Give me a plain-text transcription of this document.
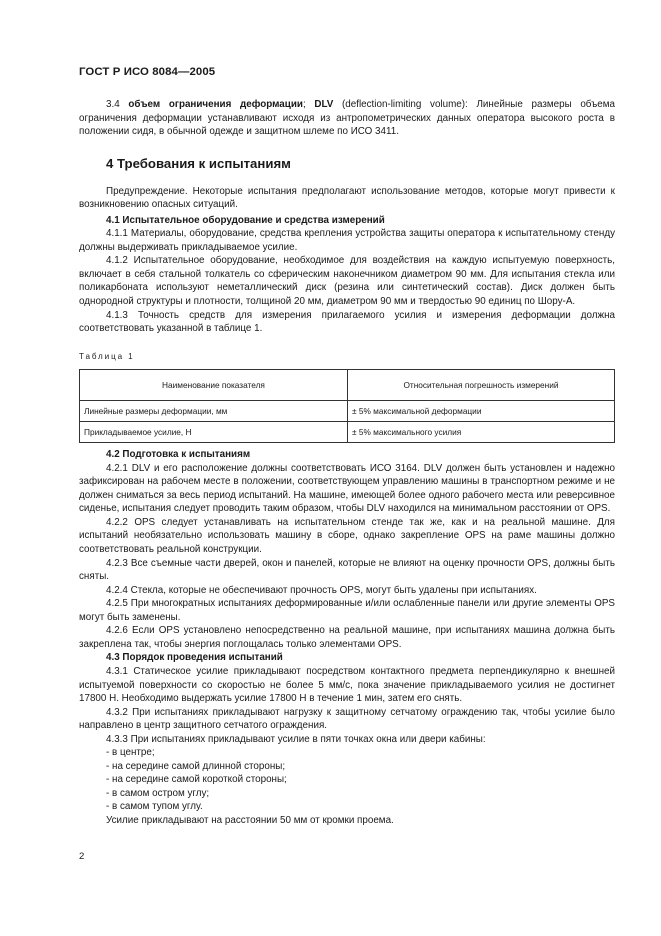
ГОСТ Р ИСО 8084—2005

3.4 объем ограничения деформации; DLV (deflection-limiting volume): Линейные размеры объема ограничения деформации устанавливают исходя из антропометрических данных оператора высокого роста в положении сидя, в обычной одежде и защитном шлеме по ИСО 3411.

4 Требования к испытаниям

Предупреждение. Некоторые испытания предполагают использование методов, которые могут привести к возникновению опасных ситуаций.

4.1 Испытательное оборудование и средства измерений

4.1.1 Материалы, оборудование, средства крепления устройства защиты оператора к испытательному стенду должны выдерживать прикладываемое усилие.

4.1.2 Испытательное оборудование, необходимое для воздействия на каждую испытуемую поверхность, включает в себя стальной толкатель со сферическим наконечником диаметром 90 мм. Для испытания стекла или поликарбоната используют неметаллический диск (резина или синтетический состав). Диск должен быть однородной структуры и плотности, толщиной 20 мм, диаметром 90 мм и твердостью 90 единиц по Шору-А.

4.1.3 Точность средств для измерения прилагаемого усилия и измерения деформации должна соответствовать указанной в таблице 1.

Таблица 1
Наименование показателя	Относительная погрешность измерений
Линейные размеры деформации, мм	± 5% максимальной деформации
Прикладываемое усилие, Н	± 5% максимального усилия
4.2 Подготовка к испытаниям

4.2.1 DLV и его расположение должны соответствовать ИСО 3164. DLV должен быть установлен и надежно зафиксирован на рабочем месте в положении, соответствующем управлению машины в транспортном режиме и не должен сниматься за весь период испытаний. На машине, имеющей более одного рабочего места или реверсивное сиденье, испытания следует проводить таким образом, чтобы DLV находился на минимальном расстоянии от OPS.

4.2.2 OPS следует устанавливать на испытательном стенде так же, как и на реальной машине. Для испытаний необязательно использовать машину в сборе, однако закрепление OPS на раме машины должно соответствовать реальной конструкции.

4.2.3 Все съемные части дверей, окон и панелей, которые не влияют на оценку прочности OPS, должны быть сняты.

4.2.4 Стекла, которые не обеспечивают прочность OPS, могут быть удалены при испытаниях.

4.2.5 При многократных испытаниях деформированные и/или ослабленные панели или другие элементы OPS могут быть заменены.

4.2.6 Если OPS установлено непосредственно на реальной машине, при испытаниях машина должна быть закреплена так, чтобы энергия поглощалась только элементами OPS.

4.3 Порядок проведения испытаний

4.3.1 Статическое усилие прикладывают посредством контактного предмета перпендикулярно к внешней испытуемой поверхности со скоростью не более 5 мм/с, пока значение прикладываемого усилия не достигнет 17800 Н. Необходимо выдержать усилие 17800 Н в течение 1 мин, затем его снять.

4.3.2 При испытаниях прикладывают нагрузку к защитному сетчатому ограждению так, чтобы усилие было направлено в центр защитного сетчатого ограждения.

4.3.3 При испытаниях прикладывают усилие в пяти точках окна или двери кабины:

- в центре;
- на середине самой длинной стороны;
- на середине самой короткой стороны;
- в самом остром углу;
- в самом тупом углу.

Усилие прикладывают на расстоянии 50 мм от кромки проема.

2
